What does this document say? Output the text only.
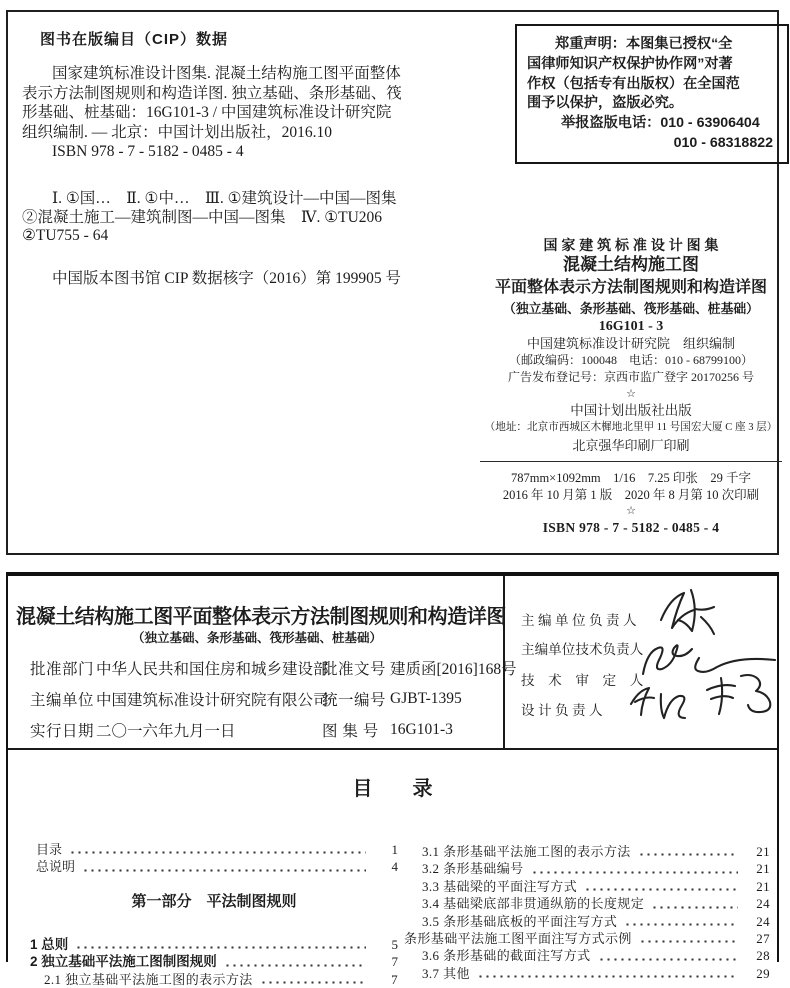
图书在版编目（CIP）数据
国家建筑标准设计图集. 混凝土结构施工图平面整体
表示方法制图规则和构造详图. 独立基础、条形基础、筏
形基础、桩基础：16G101-3 / 中国建筑标准设计研究院
组织编制. — 北京：中国计划出版社，2016.10
ISBN 978 - 7 - 5182 - 0485 - 4
Ⅰ. ①国…　Ⅱ. ①中…　Ⅲ. ①建筑设计—中国—图集
②混凝土施工—建筑制图—中国—图集　Ⅳ. ①TU206
②TU755 - 64
中国版本图书馆 CIP 数据核字（2016）第 199905 号
郑重声明：本图集已授权“全
国律师知识产权保护协作网”对著
作权（包括专有出版权）在全国范
围予以保护，盗版必究。
举报盗版电话：010 - 63906404
010 - 68318822
国 家 建 筑 标 准 设 计 图 集
混凝土结构施工图
平面整体表示方法制图规则和构造详图
（独立基础、条形基础、筏形基础、桩基础）
16G101 - 3
中国建筑标准设计研究院　组织编制
（邮政编码：100048　电话：010 - 68799100）
广告发布登记号：京西市监广登字 20170256 号
☆
中国计划出版社出版
（地址：北京市西城区木樨地北里甲 11 号国宏大厦 C 座 3 层）
北京强华印刷厂印刷
787mm×1092mm　1/16　7.25 印张　29 千字
2016 年 10 月第 1 版　2020 年 8 月第 10 次印刷
☆
ISBN 978 - 7 - 5182 - 0485 - 4
混凝土结构施工图平面整体表示方法制图规则和构造详图
（独立基础、条形基础、筏形基础、桩基础）
批准部门 中华人民共和国住房和城乡建设部
批准文号 建质函[2016]168号
主编单位 中国建筑标准设计研究院有限公司
统一编号 GJBT-1395
实行日期 二〇一六年九月一日	图 集 号 16G101-3
主 编 单 位 负 责 人
主编单位技术负责人
技　术　审　定　人
设 计 负 责 人
目　　录
目录	1
总说明	4
第一部分　平法制图规则
1 总则	5
2 独立基础平法施工图制图规则	7
2.1 独立基础平法施工图的表示方法	7
3.1 条形基础平法施工图的表示方法	21
3.2 条形基础编号	21
3.3 基础梁的平面注写方式	21
3.4 基础梁底部非贯通纵筋的长度规定	24
3.5 条形基础底板的平面注写方式	24
条形基础平法施工图平面注写方式示例	27
3.6 条形基础的截面注写方式	28
3.7 其他	29
